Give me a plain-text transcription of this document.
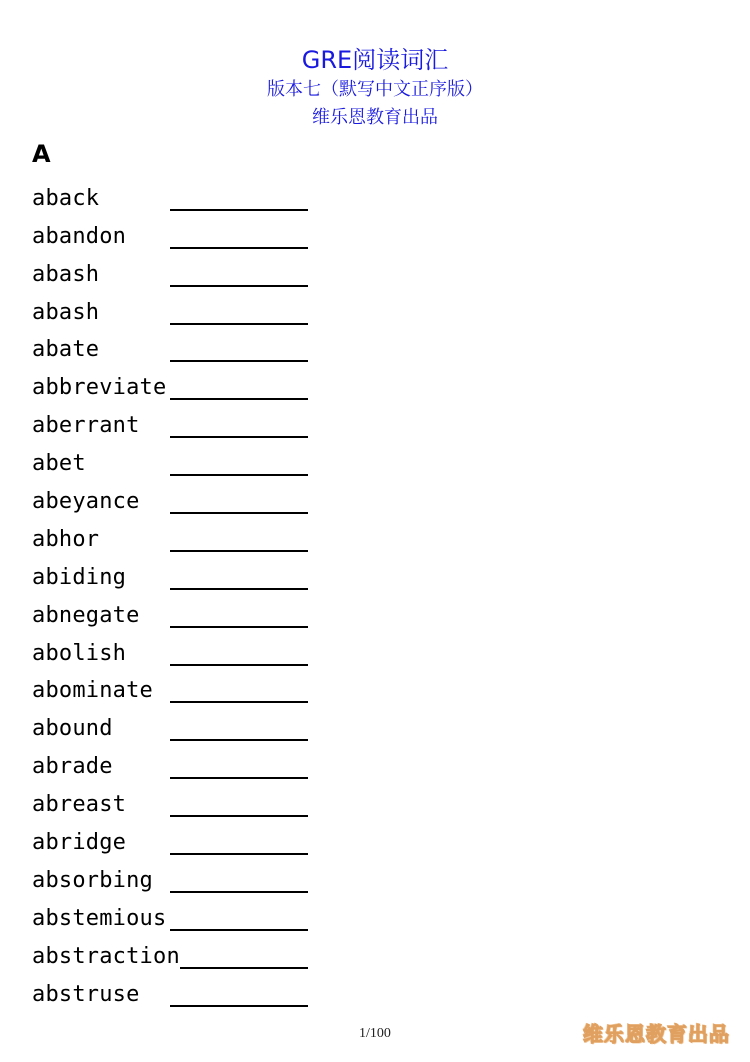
GRE阅读词汇
版本七（默写中文正序版）
维乐恩教育出品
A
aback
abandon
abash
abash
abate
abbreviate
aberrant
abet
abeyance
abhor
abiding
abnegate
abolish
abominate
abound
abrade
abreast
abridge
absorbing
abstemious
abstraction
abstruse
1/100	维乐恩教育出品
